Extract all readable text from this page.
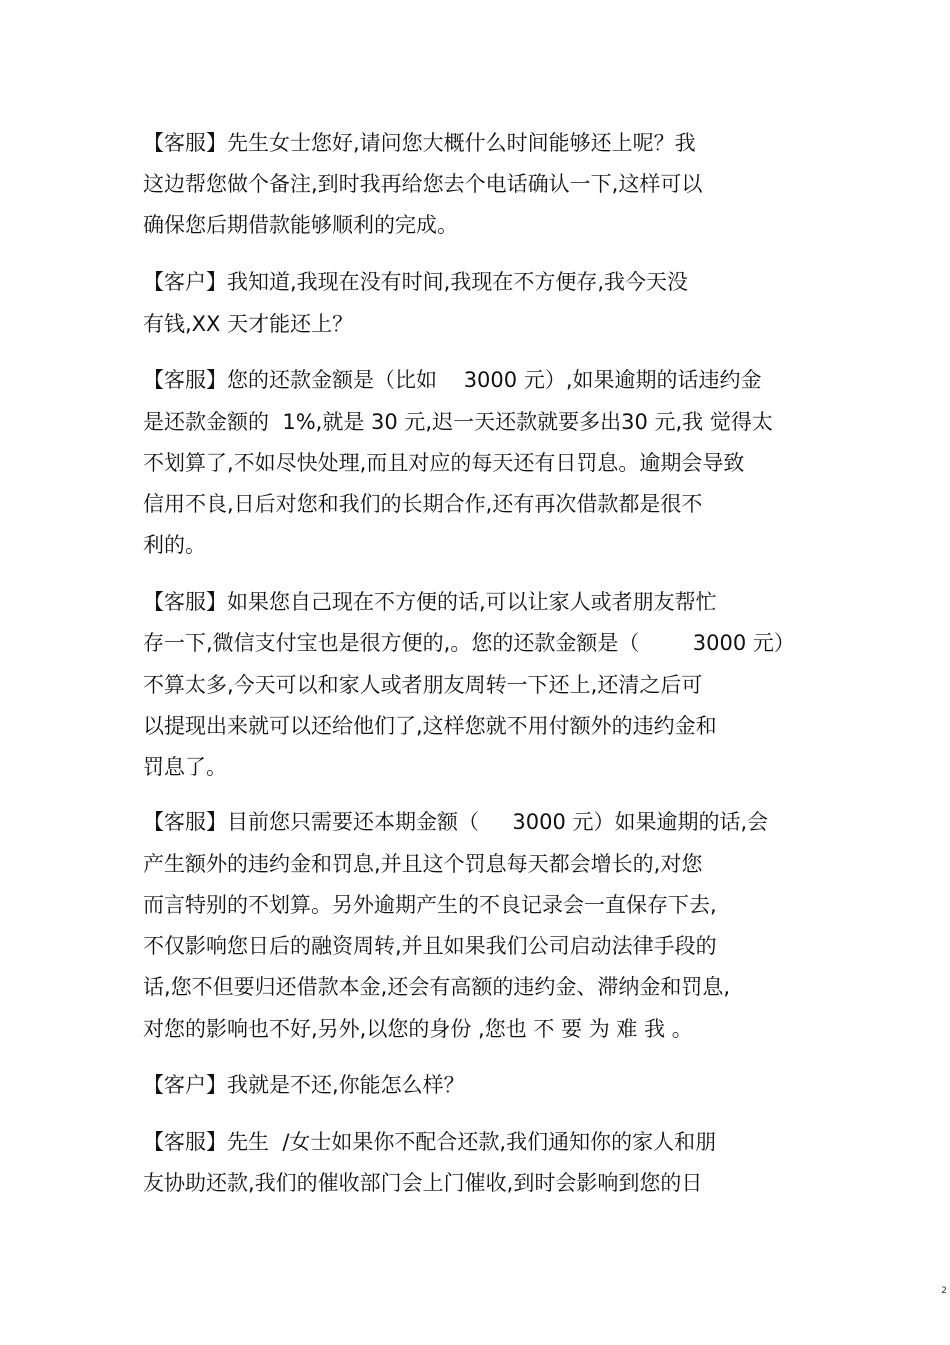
【客服】先生女士您好,请问您大概什么时间能够还上呢？我
这边帮您做个备注,到时我再给您去个电话确认一下,这样可以
确保您后期借款能够顺利的完成。
【客户】我知道,我现在没有时间,我现在不方便存,我今天没
有钱,XX 天才能还上？
【客服】您的还款金额是（比如    3000 元）,如果逾期的话违约金
是还款金额的  1%,就是 30 元,迟一天还款就要多出30 元,我 觉得太
不划算了,不如尽快处理,而且对应的每天还有日罚息。逾期会导致
信用不良,日后对您和我们的长期合作,还有再次借款都是很不
利的。
【客服】如果您自己现在不方便的话,可以让家人或者朋友帮忙
存一下,微信支付宝也是很方便的,。您的还款金额是（        3000 元）
不算太多,今天可以和家人或者朋友周转一下还上,还清之后可
以提现出来就可以还给他们了,这样您就不用付额外的违约金和
罚息了。
【客服】目前您只需要还本期金额（     3000 元）如果逾期的话,会
产生额外的违约金和罚息,并且这个罚息每天都会增长的,对您
而言特别的不划算。另外逾期产生的不良记录会一直保存下去,
不仅影响您日后的融资周转,并且如果我们公司启动法律手段的
话,您不但要归还借款本金,还会有高额的违约金、滞纳金和罚息,
对您的影响也不好,另外,以您的身份 ,您也 不 要 为 难 我 。
【客户】我就是不还,你能怎么样？
【客服】先生  /女士如果你不配合还款,我们通知你的家人和朋
友协助还款,我们的催收部门会上门催收,到时会影响到您的日
2
